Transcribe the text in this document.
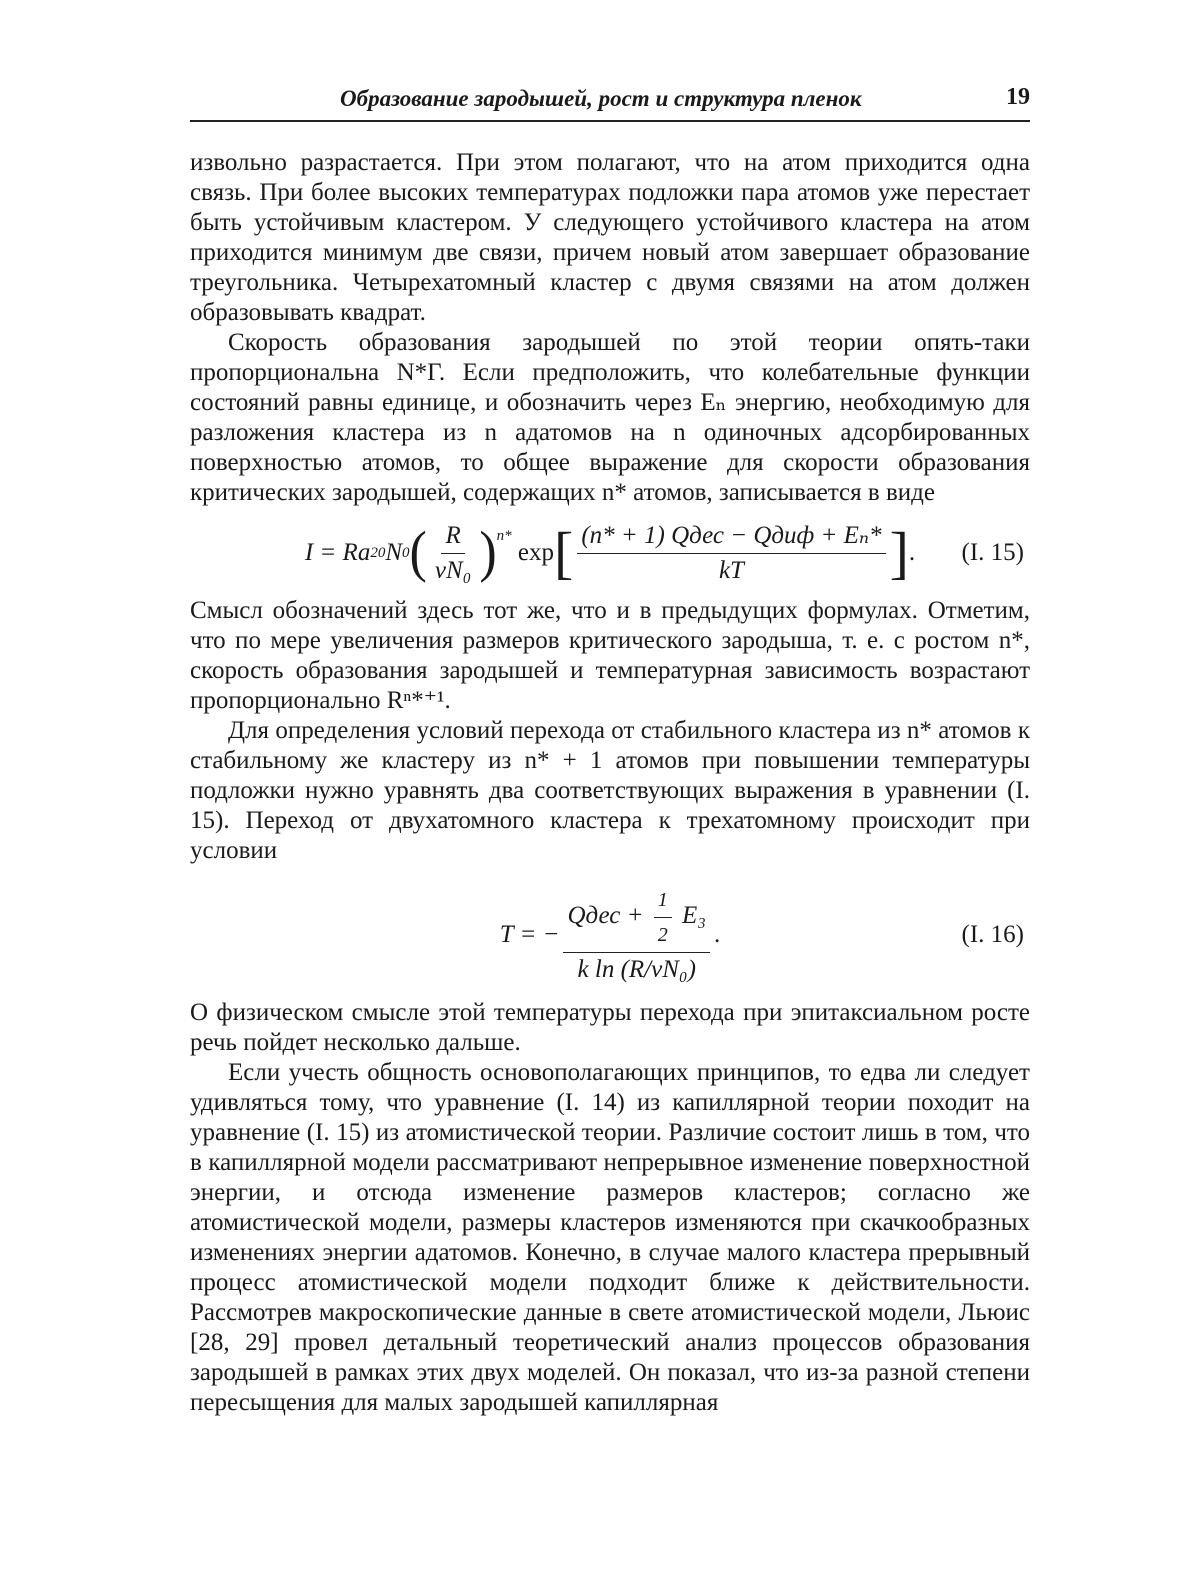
Образование зародышей, рост и структура пленок	19

извольно разрастается. При этом полагают, что на атом приходится одна связь. При более высоких температурах подложки пара атомов уже перестает быть устойчивым кластером. У следующего устойчивого кластера на атом приходится минимум две связи, причем новый атом завершает образование треугольника. Четырехатомный кластер с двумя связями на атом должен образовывать квадрат.

Скорость образования зародышей по этой теории опять-таки пропорциональна N*Г. Если предположить, что колебательные функции состояний равны единице, и обозначить через Eₙ энергию, необходимую для разложения кластера из n адатомов на n одиночных адсорбированных поверхностью атомов, то общее выражение для скорости образования критических зародышей, содержащих n* атомов, записывается в виде

I = Ra 2 0 N 0 ( $\frac{R}{\text{νN₀}} )^{n*}$

exp [ $\frac{\text{(n* + 1) Qдес − Qдиф + Eₙ*}}{kT}$ ] . (I. 15)

Смысл обозначений здесь тот же, что и в предыдущих формулах. Отметим, что по мере увеличения размеров критического зародыша, т. е. с ростом n*, скорость образования зародышей и температурная зависимость возрастают пропорционально Rⁿ*⁺¹.

Для определения условий перехода от стабильного кластера из n* атомов к стабильному же кластеру из n* + 1 атомов при повышении температуры подложки нужно уравнять два соответствующих выражения в уравнении (I. 15). Переход от двухатомного кластера к трехатомному происходит при условии

T = −
Qдес + $\frac{1}{2} E_3$
k ln (R/νN₀)
.	(I. 16)

О физическом смысле этой температуры перехода при эпитаксиальном росте речь пойдет несколько дальше.

Если учесть общность основополагающих принципов, то едва ли следует удивляться тому, что уравнение (I. 14) из капиллярной теории походит на уравнение (I. 15) из атомистической теории. Различие состоит лишь в том, что в капиллярной модели рассматривают непрерывное изменение поверхностной энергии, и отсюда изменение размеров кластеров; согласно же атомистической модели, размеры кластеров изменяются при скачкообразных изменениях энергии адатомов. Конечно, в случае малого кластера прерывный процесс атомистической модели подходит ближе к действительности. Рассмотрев макроскопические данные в свете атомистической модели, Льюис [28, 29] провел детальный теоретический анализ процессов образования зародышей в рамках этих двух моделей. Он показал, что из-за разной степени пересыщения для малых зародышей капиллярная
